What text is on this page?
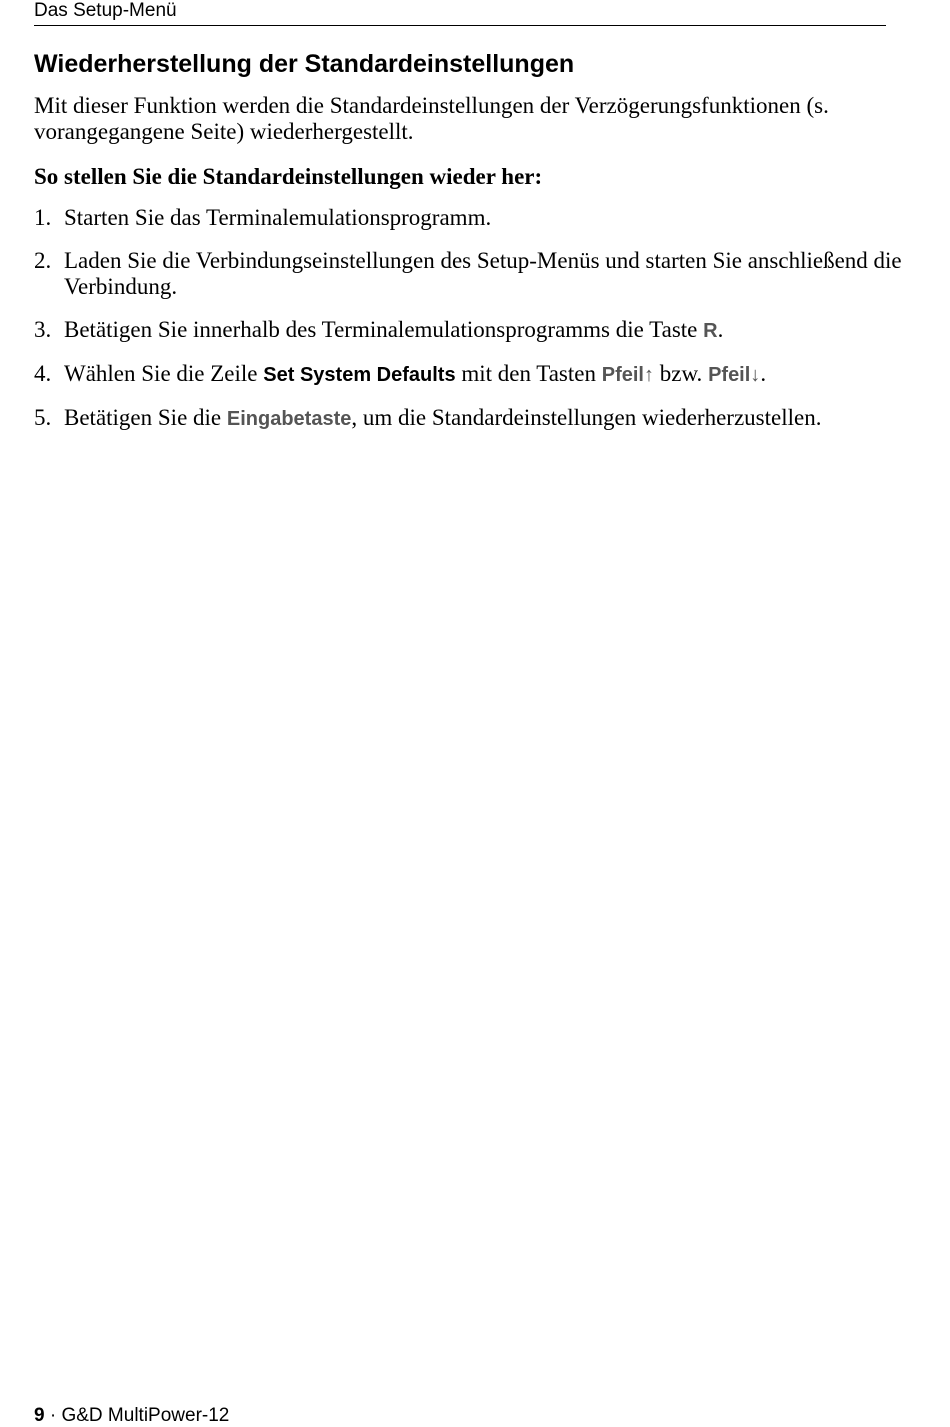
Das Setup-Menü
Wiederherstellung der Standardeinstellungen

Mit dieser Funktion werden die Standardeinstellungen der Verzögerungsfunktionen (s. vorangegangene Seite) wiederhergestellt.

So stellen Sie die Standardeinstellungen wieder her:

1. Starten Sie das Terminalemulationsprogramm.
2. Laden Sie die Verbindungseinstellungen des Setup-Menüs und starten Sie anschließend die Verbindung.
3. Betätigen Sie innerhalb des Terminalemulationsprogramms die Taste R.
4. Wählen Sie die Zeile Set System Defaults mit den Tasten Pfeil↑ bzw. Pfeil↓.
5. Betätigen Sie die Eingabetaste, um die Standardeinstellungen wiederherzustellen.
9 · G&D MultiPower-12
